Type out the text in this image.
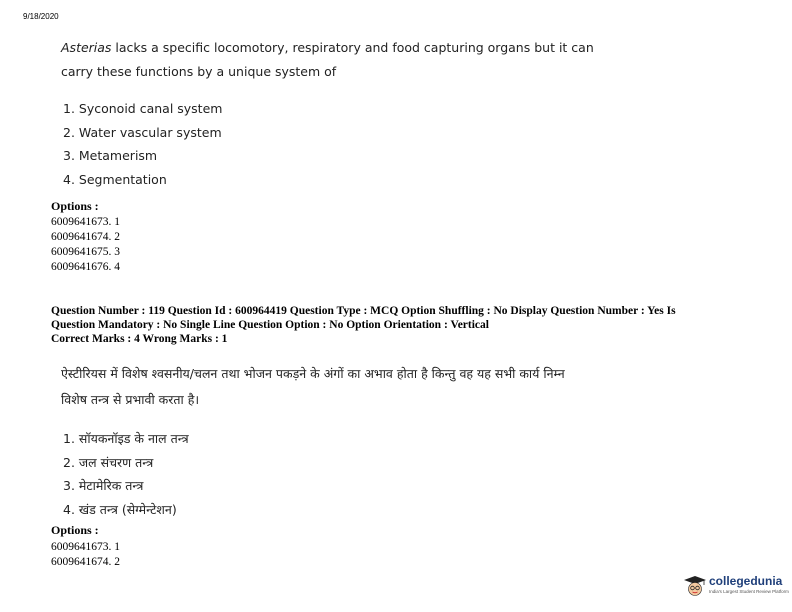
9/18/2020
Asterias lacks a specific locomotory, respiratory and food capturing organs but it can carry these functions by a unique system of
1. Syconoid canal system
2. Water vascular system
3. Metamerism
4. Segmentation
Options :
6009641673. 1
6009641674. 2
6009641675. 3
6009641676. 4
Question Number : 119 Question Id : 600964419 Question Type : MCQ Option Shuffling : No Display Question Number : Yes Is
Question Mandatory : No Single Line Question Option : No Option Orientation : Vertical
Correct Marks : 4 Wrong Marks : 1
ऐस्टीरियस में विशेष श्वसनीय/चलन तथा भोजन पकड़ने के अंगों का अभाव होता है किन्तु वह यह सभी कार्य निम्न विशेष तन्त्र से प्रभावी करता है।
1. सॉयकनॉइड के नाल तन्त्र
2. जल संचरण तन्त्र
3. मेटामेरिक तन्त्र
4. खंड तन्त्र (सेग्मेन्टेशन)
Options :
6009641673. 1
6009641674. 2
collegedunia
India's Largest Student Review Platform
